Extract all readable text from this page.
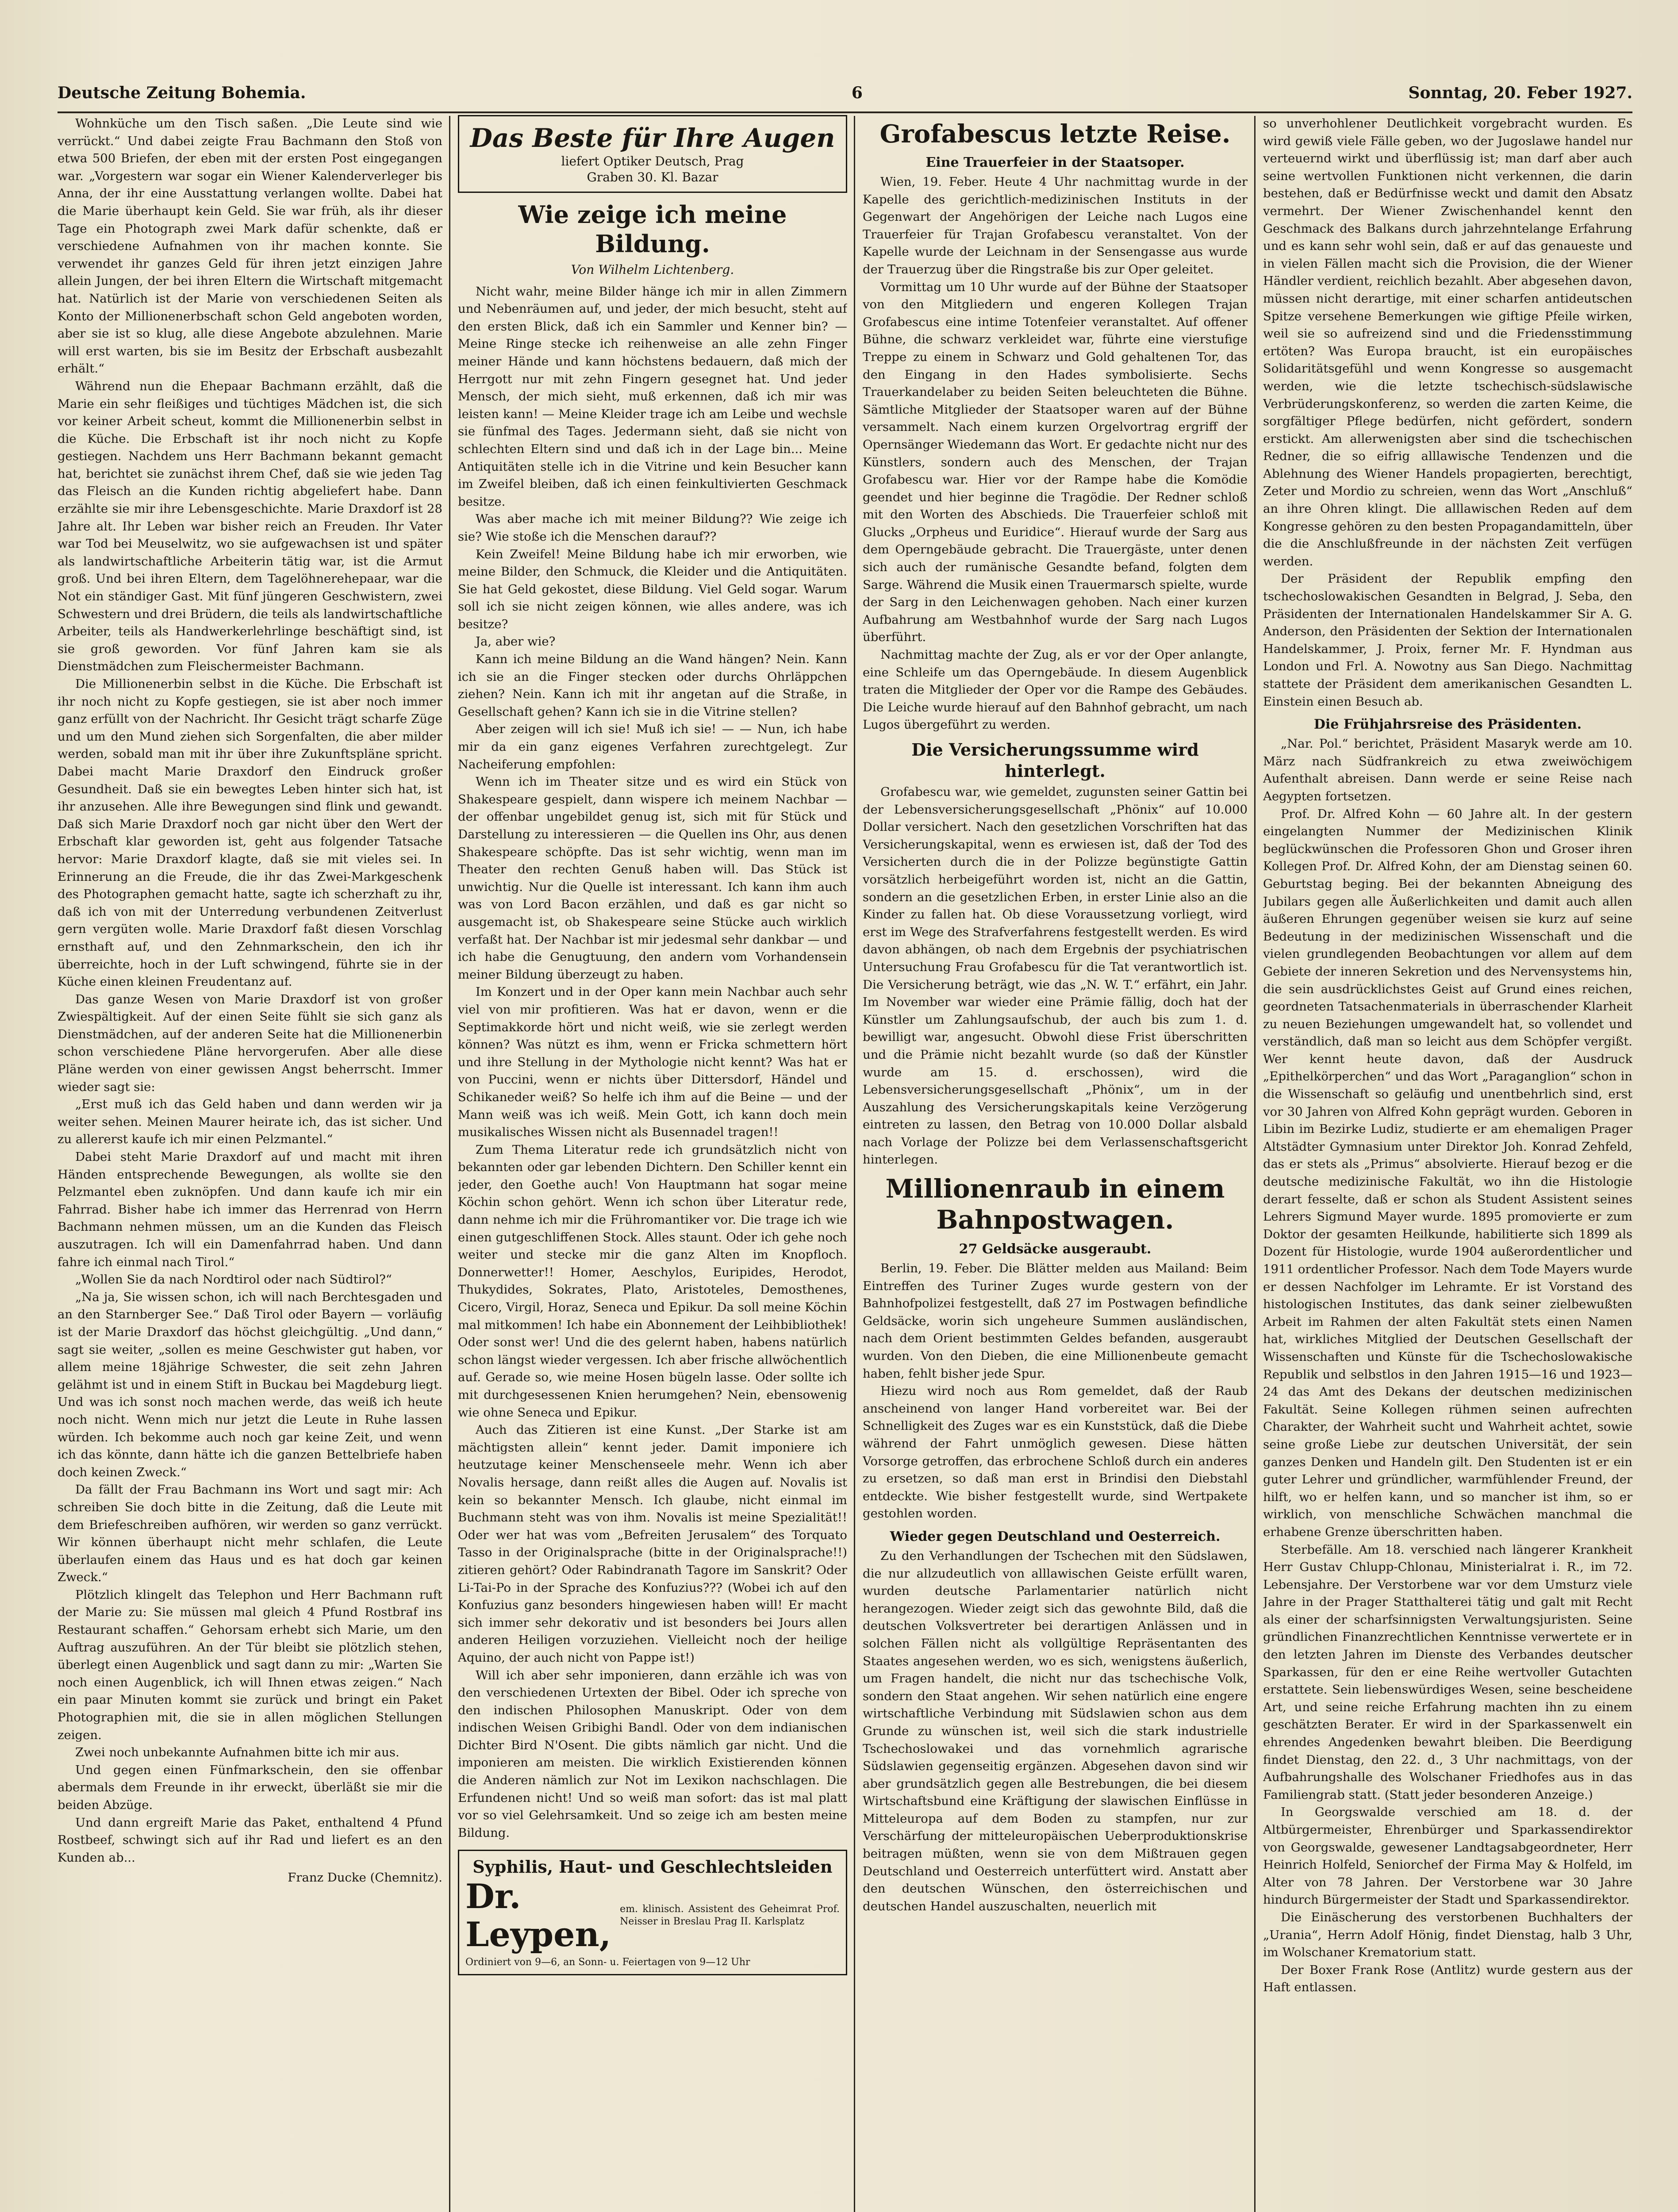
Deutsche Zeitung Bohemia.	6	Sonntag, 20. Feber 1927.

Wohnküche um den Tisch saßen. „Die Leute sind wie verrückt.“ Und dabei zeigte Frau Bachmann den Stoß von etwa 500 Briefen, der eben mit der ersten Post eingegangen war. „Vorgestern war sogar ein Wiener Kalenderverleger bis Anna, der ihr eine Ausstattung verlangen wollte. Dabei hat die Marie überhaupt kein Geld. Sie war früh, als ihr dieser Tage ein Photograph zwei Mark dafür schenkte, daß er verschiedene Aufnahmen von ihr machen konnte. Sie verwendet ihr ganzes Geld für ihren jetzt einzigen Jahre allein Jungen, der bei ihren Eltern die Wirtschaft mitgemacht hat. Natürlich ist der Marie von verschiedenen Seiten als Konto der Millionenerbschaft schon Geld angeboten worden, aber sie ist so klug, alle diese Angebote abzulehnen. Marie will erst warten, bis sie im Besitz der Erbschaft ausbezahlt erhält.“

Während nun die Ehepaar Bachmann erzählt, daß die Marie ein sehr fleißiges und tüchtiges Mädchen ist, die sich vor keiner Arbeit scheut, kommt die Millionenerbin selbst in die Küche. Die Erbschaft ist ihr noch nicht zu Kopfe gestiegen. Nachdem uns Herr Bachmann bekannt gemacht hat, berichtet sie zunächst ihrem Chef, daß sie wie jeden Tag das Fleisch an die Kunden richtig abgeliefert habe. Dann erzählte sie mir ihre Lebensgeschichte. Marie Draxdorf ist 28 Jahre alt. Ihr Leben war bisher reich an Freuden. Ihr Vater war Tod bei Meuselwitz, wo sie aufgewachsen ist und später als landwirtschaftliche Arbeiterin tätig war, ist die Armut groß. Und bei ihren Eltern, dem Tagelöhnerehepaar, war die Not ein ständiger Gast. Mit fünf jüngeren Geschwistern, zwei Schwestern und drei Brüdern, die teils als landwirtschaftliche Arbeiter, teils als Handwerkerlehrlinge beschäftigt sind, ist sie groß geworden. Vor fünf Jahren kam sie als Dienstmädchen zum Fleischermeister Bachmann.

Die Millionenerbin selbst in die Küche. Die Erbschaft ist ihr noch nicht zu Kopfe gestiegen, sie ist aber noch immer ganz erfüllt von der Nachricht. Ihr Gesicht trägt scharfe Züge und um den Mund ziehen sich Sorgenfalten, die aber milder werden, sobald man mit ihr über ihre Zukunftspläne spricht. Dabei macht Marie Draxdorf den Eindruck großer Gesundheit. Daß sie ein bewegtes Leben hinter sich hat, ist ihr anzusehen. Alle ihre Bewegungen sind flink und gewandt. Daß sich Marie Draxdorf noch gar nicht über den Wert der Erbschaft klar geworden ist, geht aus folgender Tatsache hervor: Marie Draxdorf klagte, daß sie mit vieles sei. In Erinnerung an die Freude, die ihr das Zwei-Markgeschenk des Photographen gemacht hatte, sagte ich scherzhaft zu ihr, daß ich von mit der Unterredung verbundenen Zeitverlust gern vergüten wolle. Marie Draxdorf faßt diesen Vorschlag ernsthaft auf, und den Zehnmarkschein, den ich ihr überreichte, hoch in der Luft schwingend, führte sie in der Küche einen kleinen Freudentanz auf.

Das ganze Wesen von Marie Draxdorf ist von großer Zwiespältigkeit. Auf der einen Seite fühlt sie sich ganz als Dienstmädchen, auf der anderen Seite hat die Millionenerbin schon verschiedene Pläne hervorgerufen. Aber alle diese Pläne werden von einer gewissen Angst beherrscht. Immer wieder sagt sie:

„Erst muß ich das Geld haben und dann werden wir ja weiter sehen. Meinen Maurer heirate ich, das ist sicher. Und zu allererst kaufe ich mir einen Pelzmantel.“

Dabei steht Marie Draxdorf auf und macht mit ihren Händen entsprechende Bewegungen, als wollte sie den Pelzmantel eben zuknöpfen. Und dann kaufe ich mir ein Fahrrad. Bisher habe ich immer das Herrenrad von Herrn Bachmann nehmen müssen, um an die Kunden das Fleisch auszutragen. Ich will ein Damenfahrrad haben. Und dann fahre ich einmal nach Tirol.“

„Wollen Sie da nach Nordtirol oder nach Südtirol?“

„Na ja, Sie wissen schon, ich will nach Berchtesgaden und an den Starnberger See.“ Daß Tirol oder Bayern — vorläufig ist der Marie Draxdorf das höchst gleichgültig. „Und dann,“ sagt sie weiter, „sollen es meine Geschwister gut haben, vor allem meine 18jährige Schwester, die seit zehn Jahren gelähmt ist und in einem Stift in Buckau bei Magdeburg liegt. Und was ich sonst noch machen werde, das weiß ich heute noch nicht. Wenn mich nur jetzt die Leute in Ruhe lassen würden. Ich bekomme auch noch gar keine Zeit, und wenn ich das könnte, dann hätte ich die ganzen Bettelbriefe haben doch keinen Zweck.“

Da fällt der Frau Bachmann ins Wort und sagt mir: Ach schreiben Sie doch bitte in die Zeitung, daß die Leute mit dem Briefeschreiben aufhören, wir werden so ganz verrückt. Wir können überhaupt nicht mehr schlafen, die Leute überlaufen einem das Haus und es hat doch gar keinen Zweck.“

Plötzlich klingelt das Telephon und Herr Bachmann ruft der Marie zu: Sie müssen mal gleich 4 Pfund Rostbraf ins Restaurant schaffen.“ Gehorsam erhebt sich Marie, um den Auftrag auszuführen. An der Tür bleibt sie plötzlich stehen, überlegt einen Augenblick und sagt dann zu mir: „Warten Sie noch einen Augenblick, ich will Ihnen etwas zeigen.“ Nach ein paar Minuten kommt sie zurück und bringt ein Paket Photographien mit, die sie in allen möglichen Stellungen zeigen.

Zwei noch unbekannte Aufnahmen bitte ich mir aus.

Und gegen einen Fünfmarkschein, den sie offenbar abermals dem Freunde in ihr erweckt, überläßt sie mir die beiden Abzüge.

Und dann ergreift Marie das Paket, enthaltend 4 Pfund Rostbeef, schwingt sich auf ihr Rad und liefert es an den Kunden ab...

Franz Ducke (Chemnitz).

Das Beste für Ihre Augen
liefert Optiker Deutsch, Prag
Graben 30. Kl. Bazar
Wie zeige ich meine Bildung.

Von Wilhelm Lichtenberg.

Nicht wahr, meine Bilder hänge ich mir in allen Zimmern und Nebenräumen auf, und jeder, der mich besucht, steht auf den ersten Blick, daß ich ein Sammler und Kenner bin? — Meine Ringe stecke ich reihenweise an alle zehn Finger meiner Hände und kann höchstens bedauern, daß mich der Herrgott nur mit zehn Fingern gesegnet hat. Und jeder Mensch, der mich sieht, muß erkennen, daß ich mir was leisten kann! — Meine Kleider trage ich am Leibe und wechsle sie fünfmal des Tages. Jedermann sieht, daß sie nicht von schlechten Eltern sind und daß ich in der Lage bin... Meine Antiquitäten stelle ich in die Vitrine und kein Besucher kann im Zweifel bleiben, daß ich einen feinkultivierten Geschmack besitze.

Was aber mache ich mit meiner Bildung?? Wie zeige ich sie? Wie stoße ich die Menschen darauf??

Kein Zweifel! Meine Bildung habe ich mir erworben, wie meine Bilder, den Schmuck, die Kleider und die Antiquitäten. Sie hat Geld gekostet, diese Bildung. Viel Geld sogar. Warum soll ich sie nicht zeigen können, wie alles andere, was ich besitze?

Ja, aber wie?

Kann ich meine Bildung an die Wand hängen? Nein. Kann ich sie an die Finger stecken oder durchs Ohrläppchen ziehen? Nein. Kann ich mit ihr angetan auf die Straße, in Gesellschaft gehen? Kann ich sie in die Vitrine stellen?

Aber zeigen will ich sie! Muß ich sie! — — Nun, ich habe mir da ein ganz eigenes Verfahren zurechtgelegt. Zur Nacheiferung empfohlen:

Wenn ich im Theater sitze und es wird ein Stück von Shakespeare gespielt, dann wispere ich meinem Nachbar — der offenbar ungebildet genug ist, sich mit für Stück und Darstellung zu interessieren — die Quellen ins Ohr, aus denen Shakespeare schöpfte. Das ist sehr wichtig, wenn man im Theater den rechten Genuß haben will. Das Stück ist unwichtig. Nur die Quelle ist interessant. Ich kann ihm auch was von Lord Bacon erzählen, und daß es gar nicht so ausgemacht ist, ob Shakespeare seine Stücke auch wirklich verfaßt hat. Der Nachbar ist mir jedesmal sehr dankbar — und ich habe die Genugtuung, den andern vom Vorhandensein meiner Bildung überzeugt zu haben.

Im Konzert und in der Oper kann mein Nachbar auch sehr viel von mir profitieren. Was hat er davon, wenn er die Septimakkorde hört und nicht weiß, wie sie zerlegt werden können? Was nützt es ihm, wenn er Fricka schmettern hört und ihre Stellung in der Mythologie nicht kennt? Was hat er von Puccini, wenn er nichts über Dittersdorf, Händel und Schikaneder weiß? So helfe ich ihm auf die Beine — und der Mann weiß was ich weiß. Mein Gott, ich kann doch mein musikalisches Wissen nicht als Busennadel tragen!!

Zum Thema Literatur rede ich grundsätzlich nicht von bekannten oder gar lebenden Dichtern. Den Schiller kennt ein jeder, den Goethe auch! Von Hauptmann hat sogar meine Köchin schon gehört. Wenn ich schon über Literatur rede, dann nehme ich mir die Frühromantiker vor. Die trage ich wie einen gutgeschliffenen Stock. Alles staunt. Oder ich gehe noch weiter und stecke mir die ganz Alten im Knopfloch. Donnerwetter!! Homer, Aeschylos, Euripides, Herodot, Thukydides, Sokrates, Plato, Aristoteles, Demosthenes, Cicero, Virgil, Horaz, Seneca und Epikur. Da soll meine Köchin mal mitkommen! Ich habe ein Abonnement der Leihbibliothek! Oder sonst wer! Und die des gelernt haben, habens natürlich schon längst wieder vergessen. Ich aber frische allwöchentlich auf. Gerade so, wie meine Hosen bügeln lasse. Oder sollte ich mit durchgesessenen Knien herumgehen? Nein, ebensowenig wie ohne Seneca und Epikur.

Auch das Zitieren ist eine Kunst. „Der Starke ist am mächtigsten allein“ kennt jeder. Damit imponiere ich heutzutage keiner Menschenseele mehr. Wenn ich aber Novalis hersage, dann reißt alles die Augen auf. Novalis ist kein so bekannter Mensch. Ich glaube, nicht einmal im Buchmann steht was von ihm. Novalis ist meine Spezialität!! Oder wer hat was vom „Befreiten Jerusalem“ des Torquato Tasso in der Originalsprache (bitte in der Originalsprache!!) zitieren gehört? Oder Rabindranath Tagore im Sanskrit? Oder Li-Tai-Po in der Sprache des Konfuzius??? (Wobei ich auf den Konfuzius ganz besonders hingewiesen haben will! Er macht sich immer sehr dekorativ und ist besonders bei Jours allen anderen Heiligen vorzuziehen. Vielleicht noch der heilige Aquino, der auch nicht von Pappe ist!)

Will ich aber sehr imponieren, dann erzähle ich was von den verschiedenen Urtexten der Bibel. Oder ich spreche von den indischen Philosophen Manuskript. Oder von dem indischen Weisen Gribighi Bandl. Oder von dem indianischen Dichter Bird N'Osent. Die gibts nämlich gar nicht. Und die imponieren am meisten. Die wirklich Existierenden können die Anderen nämlich zur Not im Lexikon nachschlagen. Die Erfundenen nicht! Und so weiß man sofort: das ist mal platt vor so viel Gelehrsamkeit. Und so zeige ich am besten meine Bildung.

Syphilis, Haut- und Geschlechtsleiden
Dr. Leypen,
em. klinisch. Assistent des Geheimrat Prof. Neisser in Breslau Prag II. Karlsplatz
Ordiniert von 9—6, an Sonn- u. Feiertagen von 9—12 Uhr
Grofabescus letzte Reise.
Eine Trauerfeier in der Staatsoper.

Wien, 19. Feber. Heute 4 Uhr nachmittag wurde in der Kapelle des gerichtlich-medizinischen Instituts in der Gegenwart der Angehörigen der Leiche nach Lugos eine Trauerfeier für Trajan Grofabescu veranstaltet. Von der Kapelle wurde der Leichnam in der Sensengasse aus wurde der Trauerzug über die Ringstraße bis zur Oper geleitet.

Vormittag um 10 Uhr wurde auf der Bühne der Staatsoper von den Mitgliedern und engeren Kollegen Trajan Grofabescus eine intime Totenfeier veranstaltet. Auf offener Bühne, die schwarz verkleidet war, führte eine vierstufige Treppe zu einem in Schwarz und Gold gehaltenen Tor, das den Eingang in den Hades symbolisierte. Sechs Trauerkandelaber zu beiden Seiten beleuchteten die Bühne. Sämtliche Mitglieder der Staatsoper waren auf der Bühne versammelt. Nach einem kurzen Orgelvortrag ergriff der Opernsänger Wiedemann das Wort. Er gedachte nicht nur des Künstlers, sondern auch des Menschen, der Trajan Grofabescu war. Hier vor der Rampe habe die Komödie geendet und hier beginne die Tragödie. Der Redner schloß mit den Worten des Abschieds. Die Trauerfeier schloß mit Glucks „Orpheus und Euridice“. Hierauf wurde der Sarg aus dem Operngebäude gebracht. Die Trauergäste, unter denen sich auch der rumänische Gesandte befand, folgten dem Sarge. Während die Musik einen Trauermarsch spielte, wurde der Sarg in den Leichenwagen gehoben. Nach einer kurzen Aufbahrung am Westbahnhof wurde der Sarg nach Lugos überführt.

Nachmittag machte der Zug, als er vor der Oper anlangte, eine Schleife um das Operngebäude. In diesem Augenblick traten die Mitglieder der Oper vor die Rampe des Gebäudes. Die Leiche wurde hierauf auf den Bahnhof gebracht, um nach Lugos übergeführt zu werden.

Die Versicherungssumme wird hinterlegt.

Grofabescu war, wie gemeldet, zugunsten seiner Gattin bei der Lebensversicherungsgesellschaft „Phönix“ auf 10.000 Dollar versichert. Nach den gesetzlichen Vorschriften hat das Versicherungskapital, wenn es erwiesen ist, daß der Tod des Versicherten durch die in der Polizze begünstigte Gattin vorsätzlich herbeigeführt worden ist, nicht an die Gattin, sondern an die gesetzlichen Erben, in erster Linie also an die Kinder zu fallen hat. Ob diese Voraussetzung vorliegt, wird erst im Wege des Strafverfahrens festgestellt werden. Es wird davon abhängen, ob nach dem Ergebnis der psychiatrischen Untersuchung Frau Grofabescu für die Tat verantwortlich ist. Die Versicherung beträgt, wie das „N. W. T.“ erfährt, ein Jahr. Im November war wieder eine Prämie fällig, doch hat der Künstler um Zahlungsaufschub, der auch bis zum 1. d. bewilligt war, angesucht. Obwohl diese Frist überschritten und die Prämie nicht bezahlt wurde (so daß der Künstler wurde am 15. d. erschossen), wird die Lebensversicherungsgesellschaft „Phönix“, um in der Auszahlung des Versicherungskapitals keine Verzögerung eintreten zu lassen, den Betrag von 10.000 Dollar alsbald nach Vorlage der Polizze bei dem Verlassenschaftsgericht hinterlegen.

Millionenraub in einem Bahnpostwagen.
27 Geldsäcke ausgeraubt.

Berlin, 19. Feber. Die Blätter melden aus Mailand: Beim Eintreffen des Turiner Zuges wurde gestern von der Bahnhofpolizei festgestellt, daß 27 im Postwagen befindliche Geldsäcke, worin sich ungeheure Summen ausländischen, nach dem Orient bestimmten Geldes befanden, ausgeraubt wurden. Von den Dieben, die eine Millionenbeute gemacht haben, fehlt bisher jede Spur.

Hiezu wird noch aus Rom gemeldet, daß der Raub anscheinend von langer Hand vorbereitet war. Bei der Schnelligkeit des Zuges war es ein Kunststück, daß die Diebe während der Fahrt unmöglich gewesen. Diese hätten Vorsorge getroffen, das erbrochene Schloß durch ein anderes zu ersetzen, so daß man erst in Brindisi den Diebstahl entdeckte. Wie bisher festgestellt wurde, sind Wertpakete gestohlen worden.

Wieder gegen Deutschland und Oesterreich.

Zu den Verhandlungen der Tschechen mit den Südslawen, die nur allzudeutlich von alllawischen Geiste erfüllt waren, wurden deutsche Parlamentarier natürlich nicht herangezogen. Wieder zeigt sich das gewohnte Bild, daß die deutschen Volksvertreter bei derartigen Anlässen und in solchen Fällen nicht als vollgültige Repräsentanten des Staates angesehen werden, wo es sich, wenigstens äußerlich, um Fragen handelt, die nicht nur das tschechische Volk, sondern den Staat angehen. Wir sehen natürlich eine engere wirtschaftliche Verbindung mit Südslawien schon aus dem Grunde zu wünschen ist, weil sich die stark industrielle Tschechoslowakei und das vornehmlich agrarische Südslawien gegenseitig ergänzen. Abgesehen davon sind wir aber grundsätzlich gegen alle Bestrebungen, die bei diesem Wirtschaftsbund eine Kräftigung der slawischen Einflüsse in Mitteleuropa auf dem Boden zu stampfen, nur zur Verschärfung der mitteleuropäischen Ueberproduktionskrise beitragen müßten, wenn sie von dem Mißtrauen gegen Deutschland und Oesterreich unterfüttert wird. Anstatt aber den deutschen Wünschen, den österreichischen und deutschen Handel auszuschalten, neuerlich mit

so unverhohlener Deutlichkeit vorgebracht wurden. Es wird gewiß viele Fälle geben, wo der Jugoslawe handel nur verteuernd wirkt und überflüssig ist; man darf aber auch seine wertvollen Funktionen nicht verkennen, die darin bestehen, daß er Bedürfnisse weckt und damit den Absatz vermehrt. Der Wiener Zwischenhandel kennt den Geschmack des Balkans durch jahrzehntelange Erfahrung und es kann sehr wohl sein, daß er auf das genaueste und in vielen Fällen macht sich die Provision, die der Wiener Händler verdient, reichlich bezahlt. Aber abgesehen davon, müssen nicht derartige, mit einer scharfen antideutschen Spitze versehene Bemerkungen wie giftige Pfeile wirken, weil sie so aufreizend sind und die Friedensstimmung ertöten? Was Europa braucht, ist ein europäisches Solidaritätsgefühl und wenn Kongresse so ausgemacht werden, wie die letzte tschechisch-südslawische Verbrüderungskonferenz, so werden die zarten Keime, die sorgfältiger Pflege bedürfen, nicht gefördert, sondern erstickt. Am allerwenigsten aber sind die tschechischen Redner, die so eifrig alllawische Tendenzen und die Ablehnung des Wiener Handels propagierten, berechtigt, Zeter und Mordio zu schreien, wenn das Wort „Anschluß“ an ihre Ohren klingt. Die alllawischen Reden auf dem Kongresse gehören zu den besten Propagandamitteln, über die die Anschlußfreunde in der nächsten Zeit verfügen werden.

Der Präsident der Republik empfing den tschechoslowakischen Gesandten in Belgrad, J. Seba, den Präsidenten der Internationalen Handelskammer Sir A. G. Anderson, den Präsidenten der Sektion der Internationalen Handelskammer, J. Proix, ferner Mr. F. Hyndman aus London und Frl. A. Nowotny aus San Diego. Nachmittag stattete der Präsident dem amerikanischen Gesandten L. Einstein einen Besuch ab.

Die Frühjahrsreise des Präsidenten.

„Nar. Pol.“ berichtet, Präsident Masaryk werde am 10. März nach Südfrankreich zu etwa zweiwöchigem Aufenthalt abreisen. Dann werde er seine Reise nach Aegypten fortsetzen.

Prof. Dr. Alfred Kohn — 60 Jahre alt. In der gestern eingelangten Nummer der Medizinischen Klinik beglückwünschen die Professoren Ghon und Groser ihren Kollegen Prof. Dr. Alfred Kohn, der am Dienstag seinen 60. Geburtstag beging. Bei der bekannten Abneigung des Jubilars gegen alle Äußerlichkeiten und damit auch allen äußeren Ehrungen gegenüber weisen sie kurz auf seine Bedeutung in der medizinischen Wissenschaft und die vielen grundlegenden Beobachtungen vor allem auf dem Gebiete der inneren Sekretion und des Nervensystems hin, die sein ausdrücklichstes Geist auf Grund eines reichen, geordneten Tatsachenmaterials in überraschender Klarheit zu neuen Beziehungen umgewandelt hat, so vollendet und verständlich, daß man so leicht aus dem Schöpfer vergißt. Wer kennt heute davon, daß der Ausdruck „Epithelkörperchen“ und das Wort „Paraganglion“ schon in die Wissenschaft so geläufig und unentbehrlich sind, erst vor 30 Jahren von Alfred Kohn geprägt wurden. Geboren in Libin im Bezirke Ludiz, studierte er am ehemaligen Prager Altstädter Gymnasium unter Direktor Joh. Konrad Zehfeld, das er stets als „Primus“ absolvierte. Hierauf bezog er die deutsche medizinische Fakultät, wo ihn die Histologie derart fesselte, daß er schon als Student Assistent seines Lehrers Sigmund Mayer wurde. 1895 promovierte er zum Doktor der gesamten Heilkunde, habilitierte sich 1899 als Dozent für Histologie, wurde 1904 außerordentlicher und 1911 ordentlicher Professor. Nach dem Tode Mayers wurde er dessen Nachfolger im Lehramte. Er ist Vorstand des histologischen Institutes, das dank seiner zielbewußten Arbeit im Rahmen der alten Fakultät stets einen Namen hat, wirkliches Mitglied der Deutschen Gesellschaft der Wissenschaften und Künste für die Tschechoslowakische Republik und selbstlos in den Jahren 1915—16 und 1923—24 das Amt des Dekans der deutschen medizinischen Fakultät. Seine Kollegen rühmen seinen aufrechten Charakter, der Wahrheit sucht und Wahrheit achtet, sowie seine große Liebe zur deutschen Universität, der sein ganzes Denken und Handeln gilt. Den Studenten ist er ein guter Lehrer und gründlicher, warmfühlender Freund, der hilft, wo er helfen kann, und so mancher ist ihm, so er wirklich, von menschliche Schwächen manchmal die erhabene Grenze überschritten haben.

Sterbefälle. Am 18. verschied nach längerer Krankheit Herr Gustav Chlupp-Chlonau, Ministerialrat i. R., im 72. Lebensjahre. Der Verstorbene war vor dem Umsturz viele Jahre in der Prager Statthalterei tätig und galt mit Recht als einer der scharfsinnigsten Verwaltungsjuristen. Seine gründlichen Finanzrechtlichen Kenntnisse verwertete er in den letzten Jahren im Dienste des Verbandes deutscher Sparkassen, für den er eine Reihe wertvoller Gutachten erstattete. Sein liebenswürdiges Wesen, seine bescheidene Art, und seine reiche Erfahrung machten ihn zu einem geschätzten Berater. Er wird in der Sparkassenwelt ein ehrendes Angedenken bewahrt bleiben. Die Beerdigung findet Dienstag, den 22. d., 3 Uhr nachmittags, von der Aufbahrungshalle des Wolschaner Friedhofes aus in das Familiengrab statt. (Statt jeder besonderen Anzeige.)

In Georgswalde verschied am 18. d. der Altbürgermeister, Ehrenbürger und Sparkassendirektor von Georgswalde, gewesener Landtagsabgeordneter, Herr Heinrich Holfeld, Seniorchef der Firma May & Holfeld, im Alter von 78 Jahren. Der Verstorbene war 30 Jahre hindurch Bürgermeister der Stadt und Sparkassendirektor.

Die Einäscherung des verstorbenen Buchhalters der „Urania“, Herrn Adolf Hönig, findet Dienstag, halb 3 Uhr, im Wolschaner Krematorium statt.

Der Boxer Frank Rose (Antlitz) wurde gestern aus der Haft entlassen.
